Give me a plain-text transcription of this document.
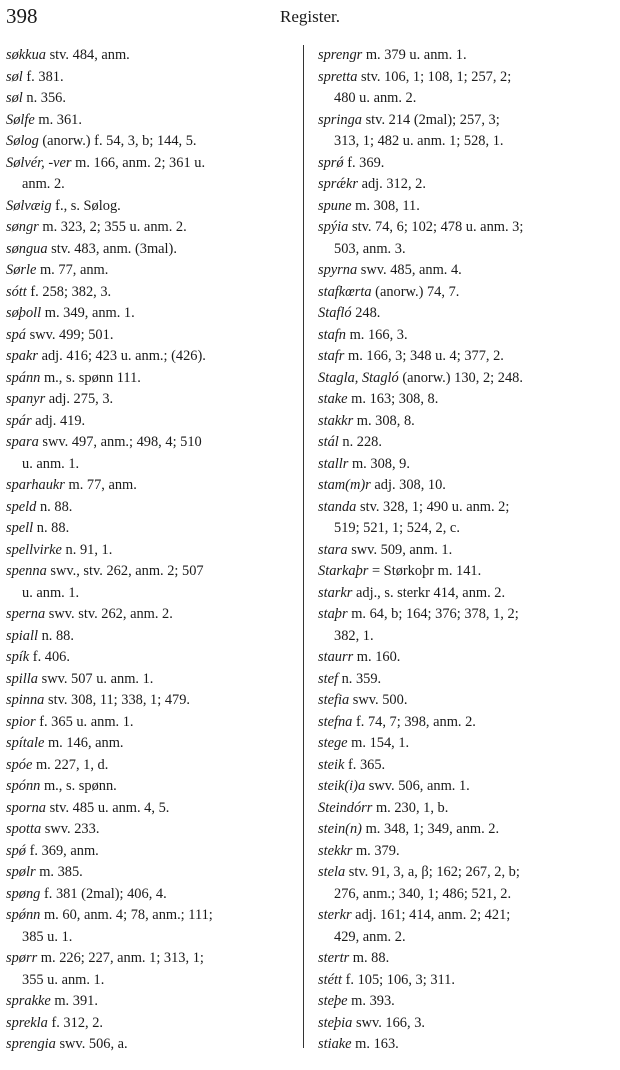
398	Register.
søkkua stv. 484, anm.
søl f. 381.
søl n. 356.
Sølfe m. 361.
Sølog (anorw.) f. 54, 3, b; 144, 5.
Sølvér, -ver m. 166, anm. 2; 361 u.
anm. 2.
Sølvæig f., s. Sølog.
søngr m. 323, 2; 355 u. anm. 2.
søngua stv. 483, anm. (3mal).
Sørle m. 77, anm.
sótt f. 258; 382, 3.
søþoll m. 349, anm. 1.
spá swv. 499; 501.
spakr adj. 416; 423 u. anm.; (426).
spánn m., s. spønn 111.
spanyr adj. 275, 3.
spár adj. 419.
spara swv. 497, anm.; 498, 4; 510
u. anm. 1.
sparhaukr m. 77, anm.
speld n. 88.
spell n. 88.
spellvirke n. 91, 1.
spenna swv., stv. 262, anm. 2; 507
u. anm. 1.
sperna swv. stv. 262, anm. 2.
spiall n. 88.
spík f. 406.
spilla swv. 507 u. anm. 1.
spinna stv. 308, 11; 338, 1; 479.
spior f. 365 u. anm. 1.
spítale m. 146, anm.
spóe m. 227, 1, d.
spónn m., s. spønn.
sporna stv. 485 u. anm. 4, 5.
spotta swv. 233.
spǿ f. 369, anm.
spølr m. 385.
spøng f. 381 (2mal); 406, 4.
spǿnn m. 60, anm. 4; 78, anm.; 111;
385 u. 1.
spørr m. 226; 227, anm. 1; 313, 1;
355 u. anm. 1.
sprakke m. 391.
sprekla f. 312, 2.
sprengia swv. 506, a.
sprengr m. 379 u. anm. 1.
spretta stv. 106, 1; 108, 1; 257, 2;
480 u. anm. 2.
springa stv. 214 (2mal); 257, 3;
313, 1; 482 u. anm. 1; 528, 1.
sprǿ f. 369.
sprǽkr adj. 312, 2.
spune m. 308, 11.
spýia stv. 74, 6; 102; 478 u. anm. 3;
503, anm. 3.
spyrna swv. 485, anm. 4.
stafkœrta (anorw.) 74, 7.
Stafló 248.
stafn m. 166, 3.
stafr m. 166, 3; 348 u. 4; 377, 2.
Stagla, Stagló (anorw.) 130, 2; 248.
stake m. 163; 308, 8.
stakkr m. 308, 8.
stál n. 228.
stallr m. 308, 9.
stam(m)r adj. 308, 10.
standa stv. 328, 1; 490 u. anm. 2;
519; 521, 1; 524, 2, c.
stara swv. 509, anm. 1.
Starkaþr = Størkoþr m. 141.
starkr adj., s. sterkr 414, anm. 2.
staþr m. 64, b; 164; 376; 378, 1, 2;
382, 1.
staurr m. 160.
stef n. 359.
stefia swv. 500.
stefna f. 74, 7; 398, anm. 2.
stege m. 154, 1.
steik f. 365.
steik(i)a swv. 506, anm. 1.
Steindórr m. 230, 1, b.
stein(n) m. 348, 1; 349, anm. 2.
stekkr m. 379.
stela stv. 91, 3, a, β; 162; 267, 2, b;
276, anm.; 340, 1; 486; 521, 2.
sterkr adj. 161; 414, anm. 2; 421;
429, anm. 2.
stertr m. 88.
stétt f. 105; 106, 3; 311.
steþe m. 393.
steþia swv. 166, 3.
stiake m. 163.
